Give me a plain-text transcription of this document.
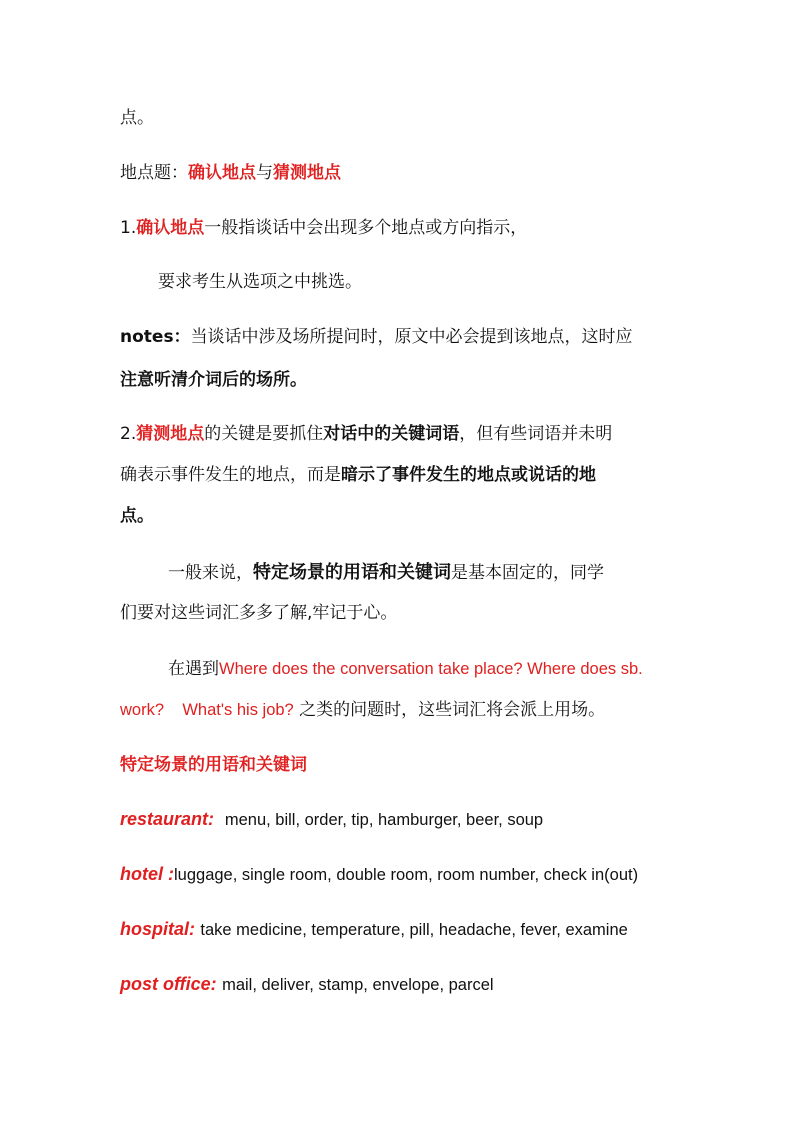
点。
地点题：确认地点与猜测地点
1.确认地点一般指谈话中会出现多个地点或方向指示，
要求考生从选项之中挑选。
notes：当谈话中涉及场所提问时，原文中必会提到该地点，这时应
注意听清介词后的场所。
2.猜测地点的关键是要抓住对话中的关键词语，但有些词语并未明
确表示事件发生的地点，而是暗示了事件发生的地点或说话的地
点。
一般来说，特定场景的用语和关键词是基本固定的，同学
们要对这些词汇多多了解,牢记于心。
在遇到Where does the conversation take place? Where does sb.
work?    What's his job? 之类的问题时，这些词汇将会派上用场。
特定场景的用语和关键词
restaurant: menu, bill, order, tip, hamburger, beer, soup
hotel :luggage, single room, double room, room number, check in(out)
hospital: take medicine, temperature, pill, headache, fever, examine
post office: mail, deliver, stamp, envelope, parcel
